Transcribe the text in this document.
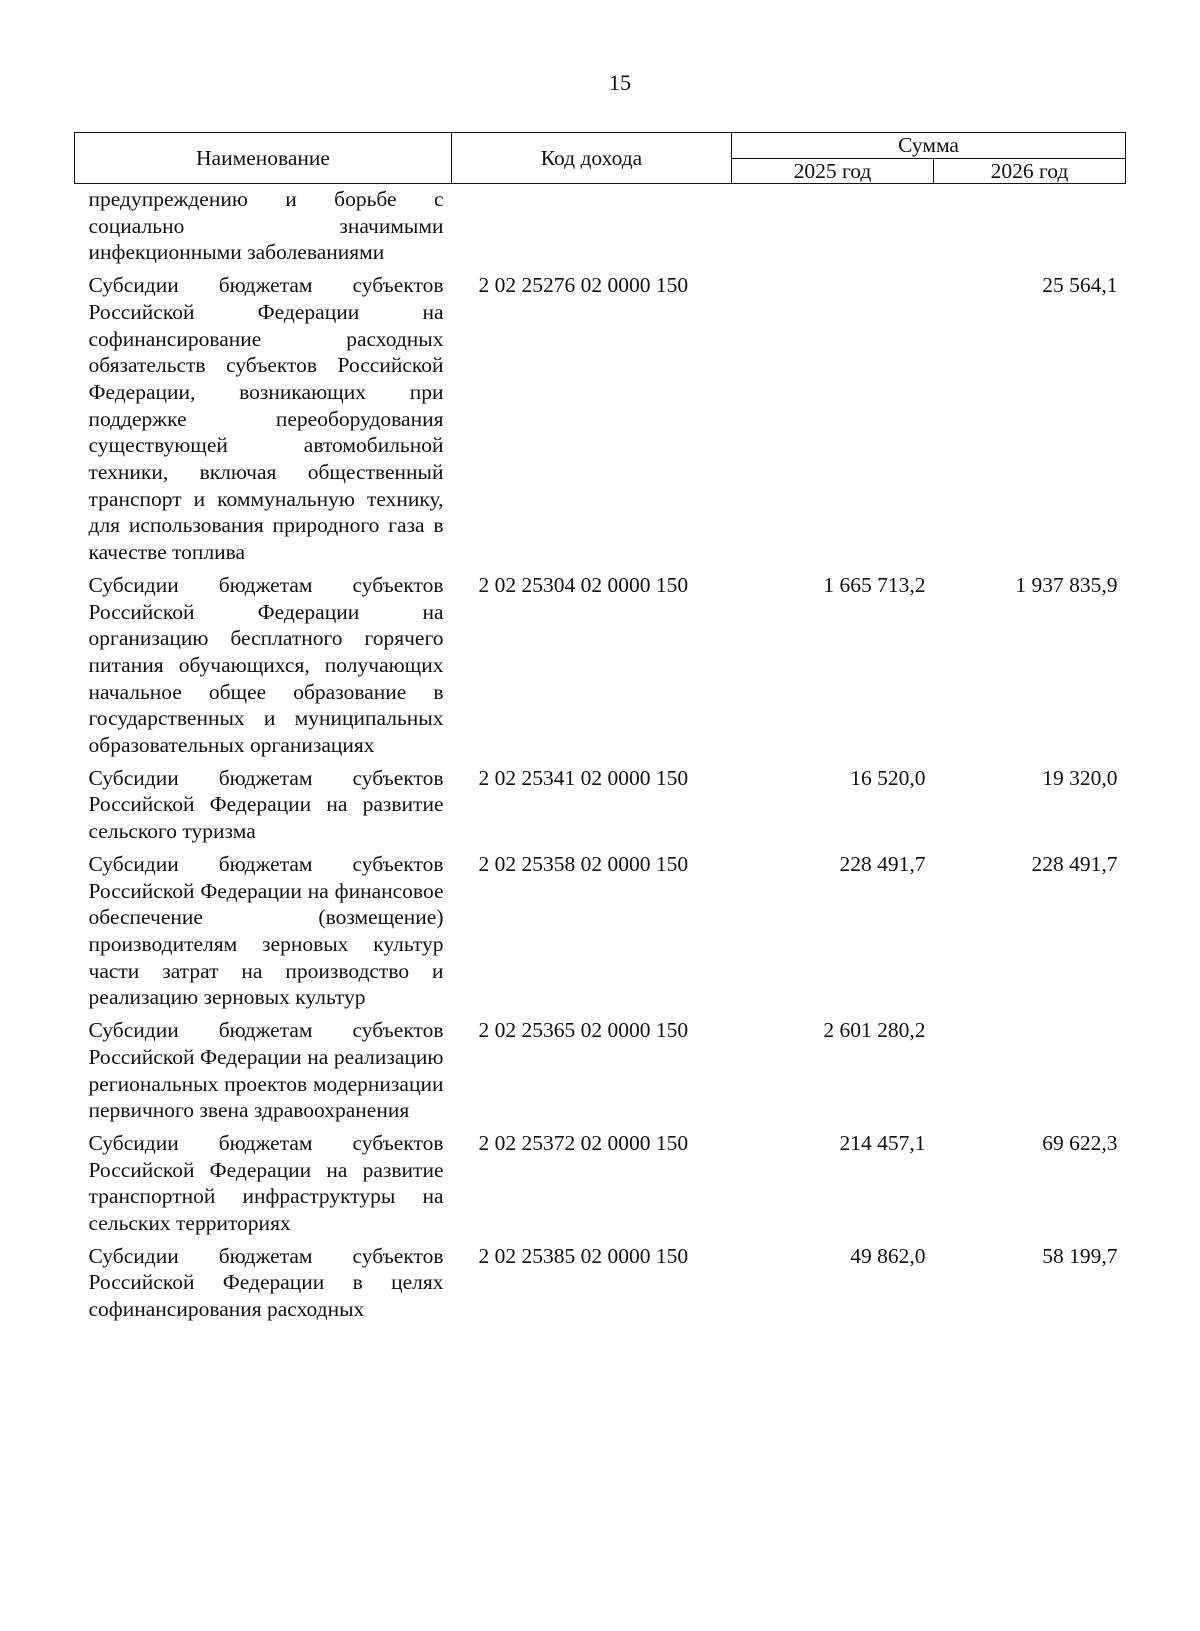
15
Наименование	Код дохода	Сумма	
		2025 год	2026 год
предупреждению и борьбе с социально значимыми инфекционными заболеваниями			
Субсидии бюджетам субъектов Российской Федерации на софинансирование расходных обязательств субъектов Российской Федерации, возникающих при поддержке переоборудования существующей автомобильной техники, включая общественный транспорт и коммунальную технику, для использования природного газа в качестве топлива	2 02 25276 02 0000 150		25 564,1
Субсидии бюджетам субъектов Российской Федерации на организацию бесплатного горячего питания обучающихся, получающих начальное общее образование в государственных и муниципальных образовательных организациях	2 02 25304 02 0000 150	1 665 713,2	1 937 835,9
Субсидии бюджетам субъектов Российской Федерации на развитие сельского туризма	2 02 25341 02 0000 150	16 520,0	19 320,0
Субсидии бюджетам субъектов Российской Федерации на финансовое обеспечение (возмещение) производителям зерновых культур части затрат на производство и реализацию зерновых культур	2 02 25358 02 0000 150	228 491,7	228 491,7
Субсидии бюджетам субъектов Российской Федерации на реализацию региональных проектов модернизации первичного звена здравоохранения	2 02 25365 02 0000 150	2 601 280,2	
Субсидии бюджетам субъектов Российской Федерации на развитие транспортной инфраструктуры на сельских территориях	2 02 25372 02 0000 150	214 457,1	69 622,3
Субсидии бюджетам субъектов Российской Федерации в целях софинансирования расходных	2 02 25385 02 0000 150	49 862,0	58 199,7
